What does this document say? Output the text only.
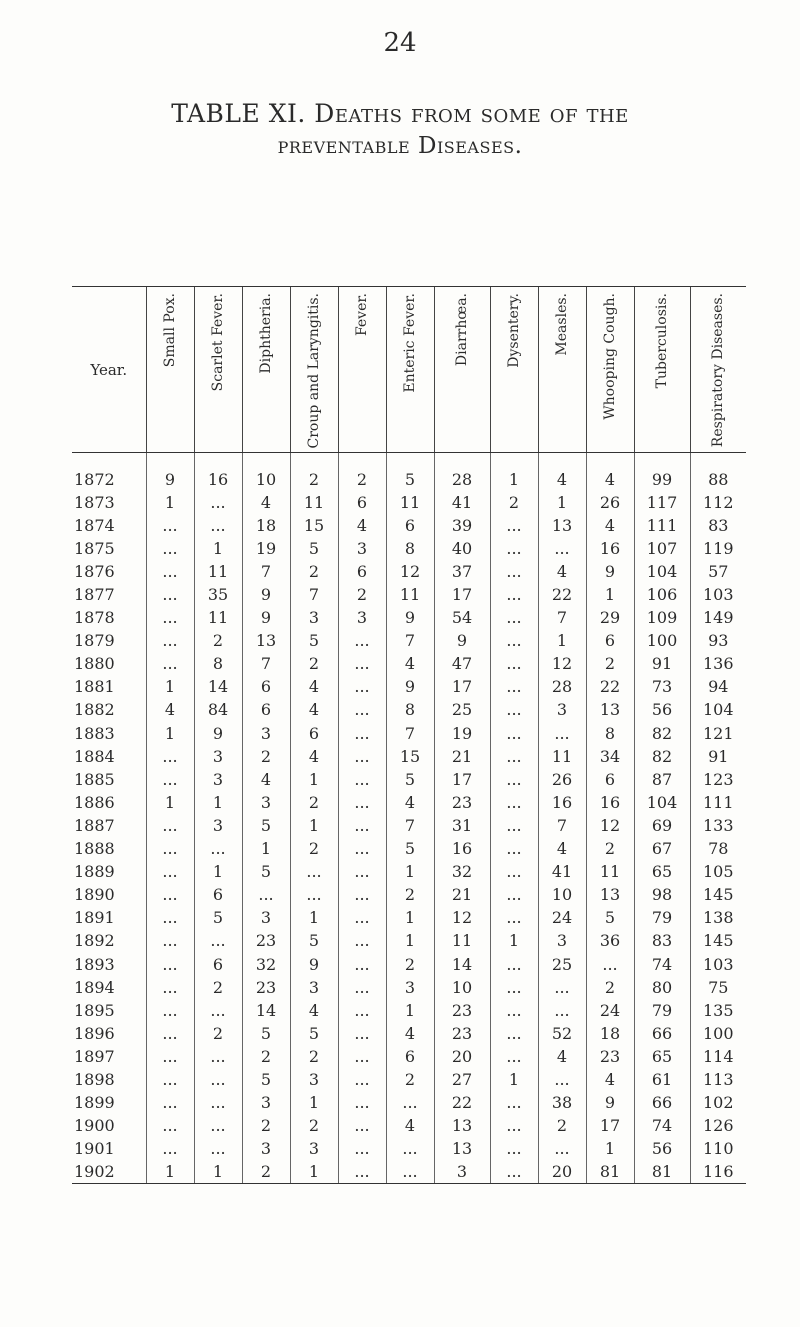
24
TABLE XI. Deaths from some of the
preventable Diseases.
Year.	Small Pox.	Scarlet Fever.	Diphtheria.	Croup and Laryngitis.	Fever.	Enteric Fever.	Diarrhœa.	Dysentery.	Measles.	Whooping Cough.	Tuberculosis.	Respiratory Diseases.
1872	9	16	10	2	2	5	28	1	4	4	99	88
1873	1	...	4	11	6	11	41	2	1	26	117	112
1874	...	...	18	15	4	6	39	...	13	4	111	83
1875	...	1	19	5	3	8	40	...	...	16	107	119
1876	...	11	7	2	6	12	37	...	4	9	104	57
1877	...	35	9	7	2	11	17	...	22	1	106	103
1878	...	11	9	3	3	9	54	...	7	29	109	149
1879	...	2	13	5	...	7	9	...	1	6	100	93
1880	...	8	7	2	...	4	47	...	12	2	91	136
1881	1	14	6	4	...	9	17	...	28	22	73	94
1882	4	84	6	4	...	8	25	...	3	13	56	104
1883	1	9	3	6	...	7	19	...	...	8	82	121
1884	...	3	2	4	...	15	21	...	11	34	82	91
1885	...	3	4	1	...	5	17	...	26	6	87	123
1886	1	1	3	2	...	4	23	...	16	16	104	111
1887	...	3	5	1	...	7	31	...	7	12	69	133
1888	...	...	1	2	...	5	16	...	4	2	67	78
1889	...	1	5	...	...	1	32	...	41	11	65	105
1890	...	6	...	...	...	2	21	...	10	13	98	145
1891	...	5	3	1	...	1	12	...	24	5	79	138
1892	...	...	23	5	...	1	11	1	3	36	83	145
1893	...	6	32	9	...	2	14	...	25	...	74	103
1894	...	2	23	3	...	3	10	...	...	2	80	75
1895	...	...	14	4	...	1	23	...	...	24	79	135
1896	...	2	5	5	...	4	23	...	52	18	66	100
1897	...	...	2	2	...	6	20	...	4	23	65	114
1898	...	...	5	3	...	2	27	1	...	4	61	113
1899	...	...	3	1	...	...	22	...	38	9	66	102
1900	...	...	2	2	...	4	13	...	2	17	74	126
1901	...	...	3	3	...	...	13	...	...	1	56	110
1902	1	1	2	1	...	...	3	...	20	81	81	116
